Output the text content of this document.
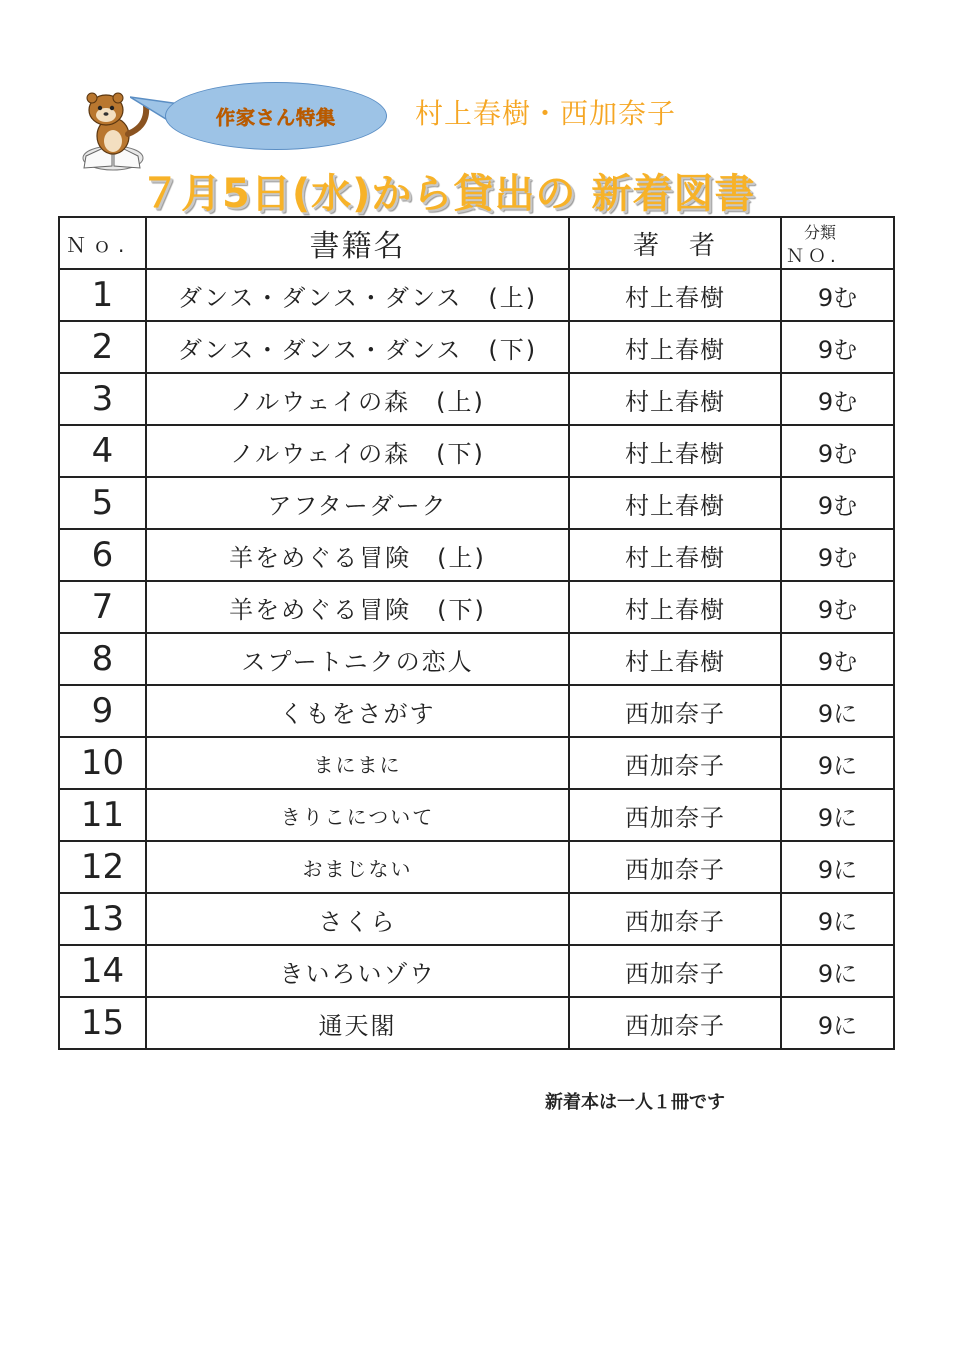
作家さん特集	村上春樹・西加奈子
７月5日(水)から貸出の 新着図書
Ｎｏ.	書籍名	著　者	分類
ＮＯ.

1	ダンス・ダンス・ダンス　(上)	村上春樹	9む
2	ダンス・ダンス・ダンス　(下)	村上春樹	9む
3	ノルウェイの森　(上)	村上春樹	9む
4	ノルウェイの森　(下)	村上春樹	9む
5	アフターダーク	村上春樹	9む
6	羊をめぐる冒険　(上)	村上春樹	9む
7	羊をめぐる冒険　(下)	村上春樹	9む
8	スプートニクの恋人	村上春樹	9む
9	くもをさがす	西加奈子	9に
10	まにまに	西加奈子	9に
11	きりこについて	西加奈子	9に
12	おまじない	西加奈子	9に
13	さくら	西加奈子	9に
14	きいろいゾウ	西加奈子	9に
15	通天閣	西加奈子	9に
新着本は一人１冊です
